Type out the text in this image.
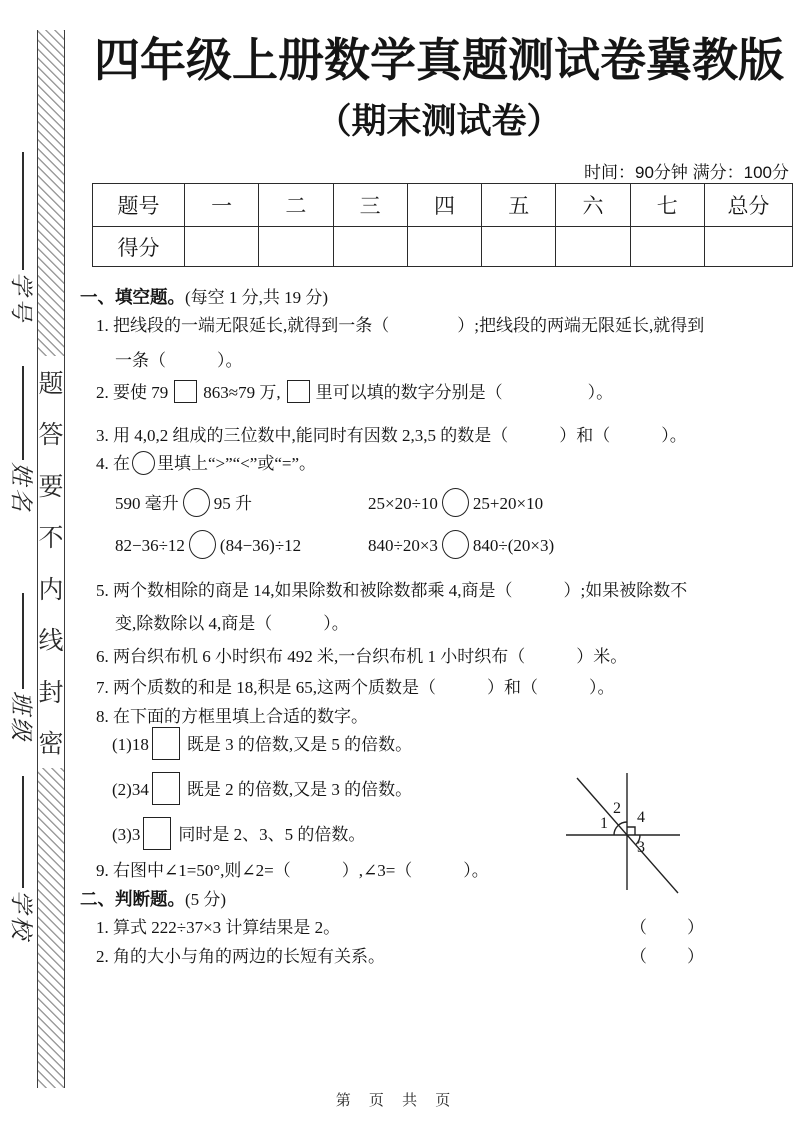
学号
姓名
班级
学校
题
答
要
不
内
线
封
密
四年级上册数学真题测试卷冀教版
（期末测试卷）
时间：90分钟 满分：100分
题号	一	二	三	四	五	六	七	总分
得分								
一、填空题。(每空 1 分,共 19 分)
1. 把线段的一端无限延长,就得到一条（　　　　）;把线段的两端无限延长,就得到
一条（　　　）。
2. 要使 79 863≈79 万, 里可以填的数字分别是（　　　　　）。
3. 用 4,0,2 组成的三位数中,能同时有因数 2,3,5 的数是（　　　）和（　　　）。
4. 在 里填上“>”“<”或“=”。
590 毫升 95 升	25×20÷10 25+20×10
82−36÷12 (84−36)÷12	840÷20×3 840÷(20×3)
5. 两个数相除的商是 14,如果除数和被除数都乘 4,商是（　　　）;如果被除数不
变,除数除以 4,商是（　　　）。
6. 两台织布机 6 小时织布 492 米,一台织布机 1 小时织布（　　　）米。
7. 两个质数的和是 18,积是 65,这两个质数是（　　　）和（　　　）。
8. 在下面的方框里填上合适的数字。
(1)18 既是 3 的倍数,又是 5 的倍数。
(2)34 既是 2 的倍数,又是 3 的倍数。
(3)3 同时是 2、3、5 的倍数。
9. 右图中∠1=50°,则∠2=（　　　）,∠3=（　　　）。
1
2
3
4
二、判断题。(5 分)
1. 算式 222÷37×3 计算结果是 2。	（　　）
2. 角的大小与角的两边的长短有关系。	（　　）
第 页 共 页
